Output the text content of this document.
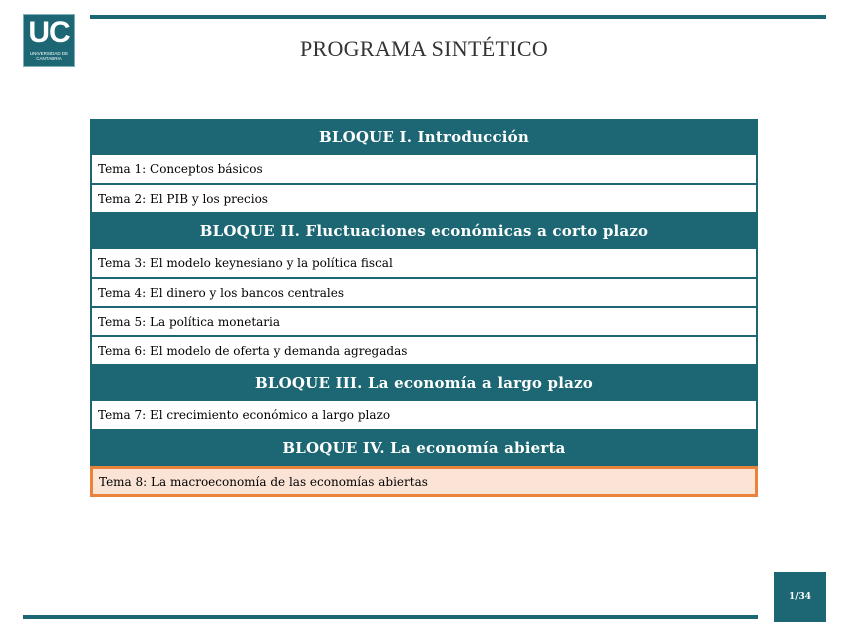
UC
UNIVERSIDAD DE CANTABRIA	PROGRAMA SINTÉTICO
BLOQUE I. Introducción
Tema 1: Conceptos básicos
Tema 2: El PIB y los precios
BLOQUE II. Fluctuaciones económicas a corto plazo
Tema 3: El modelo keynesiano y la política fiscal
Tema 4: El dinero y los bancos centrales
Tema 5: La política monetaria
Tema 6: El modelo de oferta y demanda agregadas
BLOQUE III. La economía a largo plazo
Tema 7: El crecimiento económico a largo plazo
BLOQUE IV. La economía abierta
Tema 8: La macroeconomía de las economías abiertas
1/34
